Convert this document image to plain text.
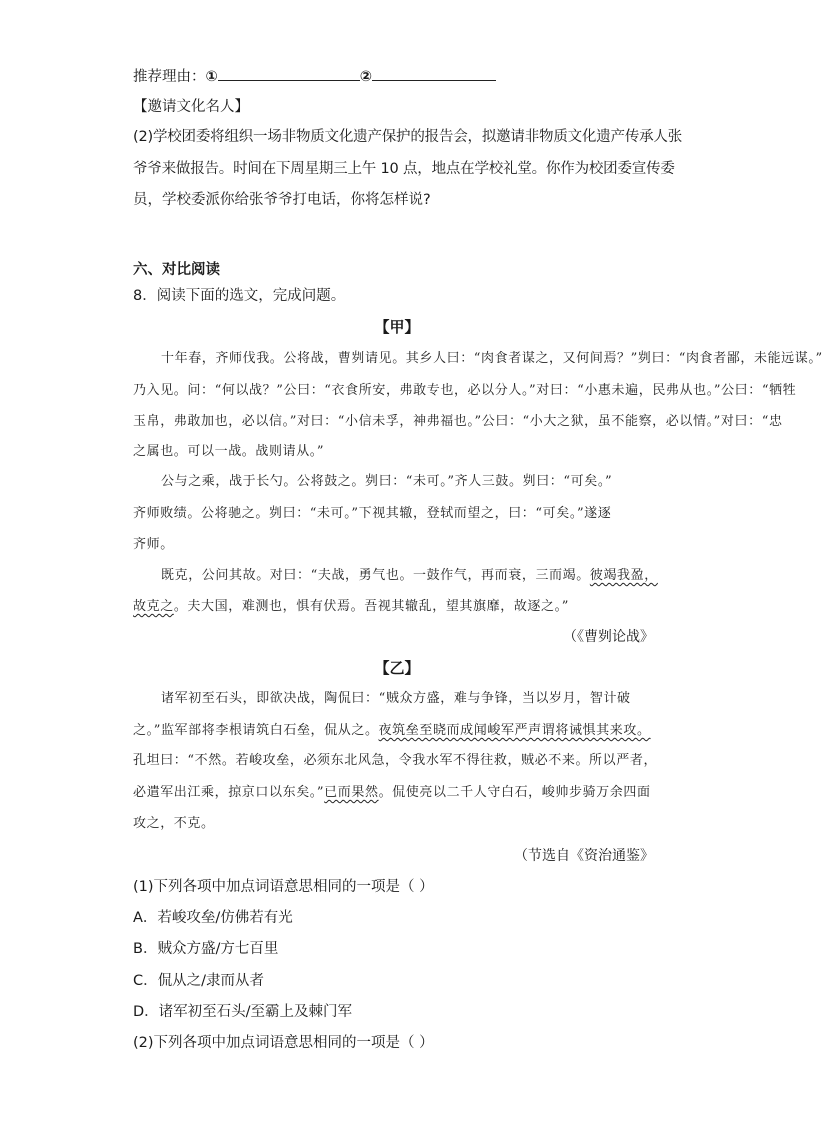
推荐理由：①	②
【邀请文化名人】
(2)学校团委将组织一场非物质文化遗产保护的报告会，拟邀请非物质文化遗产传承人张
爷爷来做报告。时间在下周星期三上午 10 点，地点在学校礼堂。你作为校团委宣传委
员，学校委派你给张爷爷打电话，你将怎样说?
六、对比阅读
8．阅读下面的选文，完成问题。
【甲】
十年春，齐师伐我。公将战，曹刿请见。其乡人曰：“肉食者谋之，又何间焉？”刿曰：“肉食者鄙，未能远谋。”
乃入见。问：“何以战？”公曰：“衣食所安，弗敢专也，必以分人。”对曰：“小惠未遍，民弗从也。”公曰：“牺牲
玉帛，弗敢加也，必以信。”对曰：“小信未孚，神弗福也。”公曰：“小大之狱，虽不能察，必以情。”对曰：“忠
之属也。可以一战。战则请从。”
公与之乘，战于长勺。公将鼓之。刿曰：“未可。”齐人三鼓。刿曰：“可矣。”
齐师败绩。公将驰之。刿曰：“未可。”下视其辙，登轼而望之，曰：“可矣。”遂逐
齐师。
既克，公问其故。对曰：“夫战，勇气也。一鼓作气，再而衰，三而竭。彼竭我盈，
故克之。夫大国，难测也，惧有伏焉。吾视其辙乱，望其旗靡，故逐之。”
（《曹刿论战》
【乙】
诸军初至石头，即欲决战，陶侃曰：“贼众方盛，难与争锋，当以岁月，智计破
之。”监军部将李根请筑白石垒，侃从之。夜筑垒至晓而成闻峻军严声谓将诫惧其来攻。
孔坦曰：“不然。若峻攻垒，必须东北风急，令我水军不得往救，贼必不来。所以严者，
必遣军出江乘，掠京口以东矣。”已而果然。侃使亮以二千人守白石，峻帅步骑万余四面
攻之，不克。
（节选自《资治通鉴》
(1)下列各项中加点词语意思相同的一项是（ ）
A．若峻攻垒/仿佛若有光
B．贼众方盛/方七百里
C．侃从之/隶而从者
D．诸军初至石头/至霸上及棘门军
(2)下列各项中加点词语意思相同的一项是（ ）
